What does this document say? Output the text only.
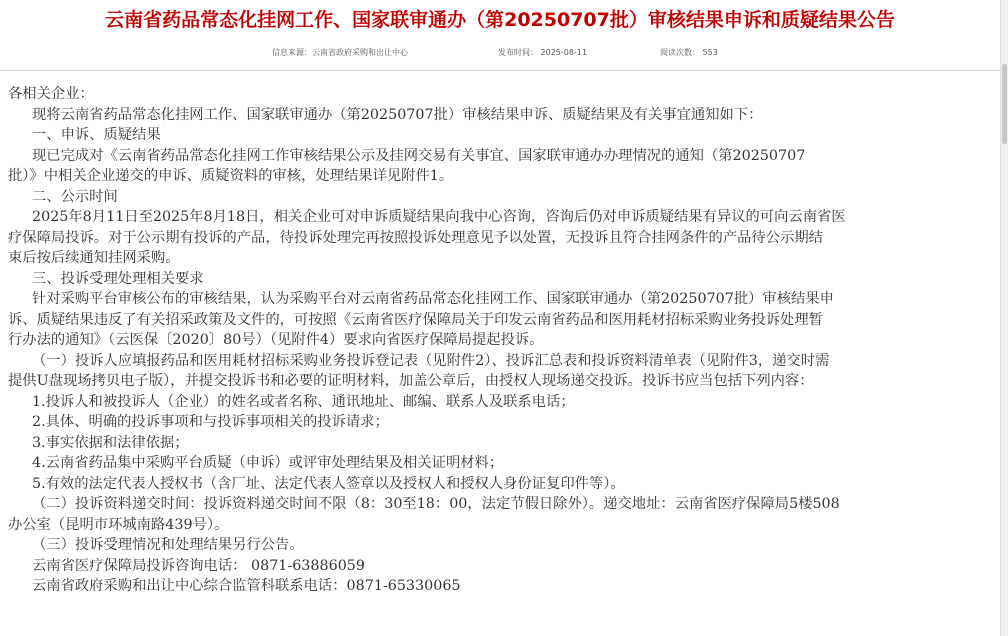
云南省药品常态化挂网工作、国家联审通办（第20250707批）审核结果申诉和质疑结果公告
信息来源：云南省政府采购和出让中心	发布时间： 2025-08-11	阅读次数： 553

各相关企业：

现将云南省药品常态化挂网工作、国家联审通办（第20250707批）审核结果申诉、质疑结果及有关事宜通知如下：

一、申诉、质疑结果

现已完成对《云南省药品常态化挂网工作审核结果公示及挂网交易有关事宜、国家联审通办办理情况的通知（第20250707

批）》中相关企业递交的申诉、质疑资料的审核，处理结果详见附件1。

二、公示时间

2025年8月11日至2025年8月18日，相关企业可对申诉质疑结果向我中心咨询，咨询后仍对申诉质疑结果有异议的可向云南省医

疗保障局投诉。对于公示期有投诉的产品，待投诉处理完再按照投诉处理意见予以处置，无投诉且符合挂网条件的产品待公示期结

束后按后续通知挂网采购。

三、投诉受理处理相关要求

针对采购平台审核公布的审核结果，认为采购平台对云南省药品常态化挂网工作、国家联审通办（第20250707批）审核结果申

诉、质疑结果违反了有关招采政策及文件的，可按照《云南省医疗保障局关于印发云南省药品和医用耗材招标采购业务投诉处理暂

行办法的通知》（云医保〔2020〕80号）（见附件4）要求向省医疗保障局提起投诉。

（一）投诉人应填报药品和医用耗材招标采购业务投诉登记表（见附件2）、投诉汇总表和投诉资料清单表（见附件3，递交时需

提供U盘现场拷贝电子版），并提交投诉书和必要的证明材料，加盖公章后，由授权人现场递交投诉。投诉书应当包括下列内容：

1.投诉人和被投诉人（企业）的姓名或者名称、通讯地址、邮编、联系人及联系电话；

2.具体、明确的投诉事项和与投诉事项相关的投诉请求；

3.事实依据和法律依据；

4.云南省药品集中采购平台质疑（申诉）或评审处理结果及相关证明材料；

5.有效的法定代表人授权书（含厂址、法定代表人签章以及授权人和授权人身份证复印件等）。

（二）投诉资料递交时间：投诉资料递交时间不限（8：30至18：00，法定节假日除外）。递交地址：云南省医疗保障局5楼508

办公室（昆明市环城南路439号）。

（三）投诉受理情况和处理结果另行公告。

云南省医疗保障局投诉咨询电话： 0871-63886059

云南省政府采购和出让中心综合监管科联系电话：0871-65330065
